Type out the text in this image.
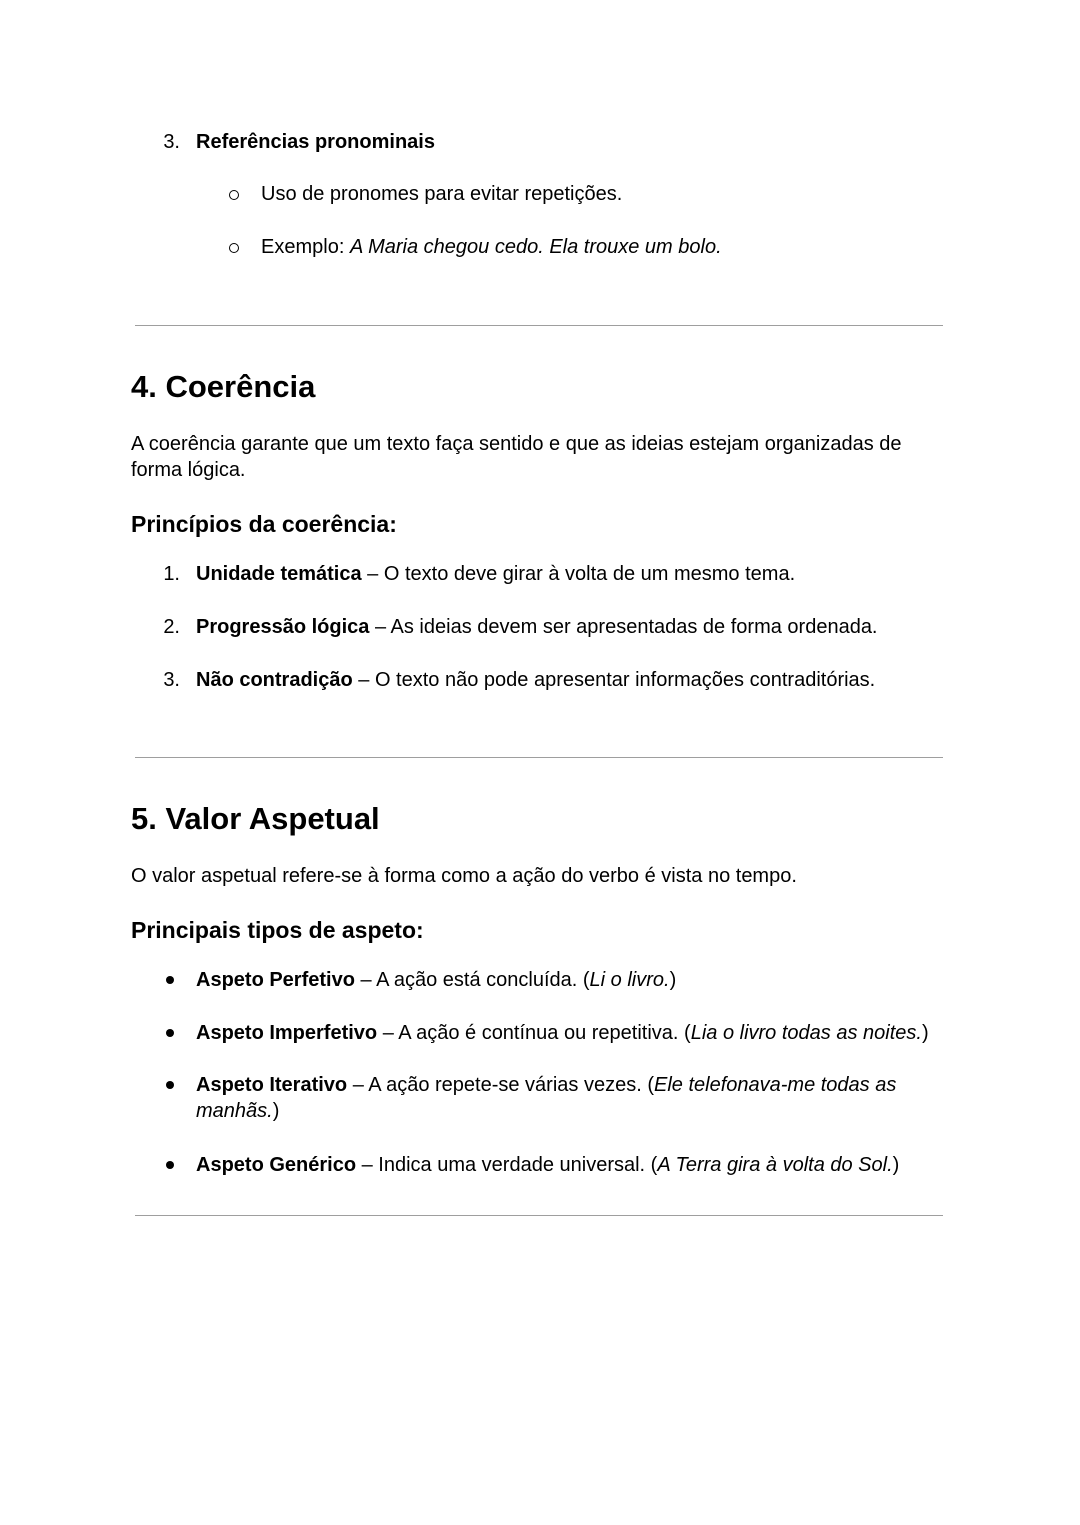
3. Referências pronominais
Uso de pronomes para evitar repetições.
Exemplo: A Maria chegou cedo. Ela trouxe um bolo.
4. Coerência
A coerência garante que um texto faça sentido e que as ideias estejam organizadas de forma lógica.
Princípios da coerência:
1. Unidade temática – O texto deve girar à volta de um mesmo tema.
2. Progressão lógica – As ideias devem ser apresentadas de forma ordenada.
3. Não contradição – O texto não pode apresentar informações contraditórias.
5. Valor Aspetual
O valor aspetual refere-se à forma como a ação do verbo é vista no tempo.
Principais tipos de aspeto:
Aspeto Perfetivo – A ação está concluída. (Li o livro.)
Aspeto Imperfetivo – A ação é contínua ou repetitiva. (Lia o livro todas as noites.)
Aspeto Iterativo – A ação repete-se várias vezes. (Ele telefonava-me todas as manhãs.)
Aspeto Genérico – Indica uma verdade universal. (A Terra gira à volta do Sol.)
